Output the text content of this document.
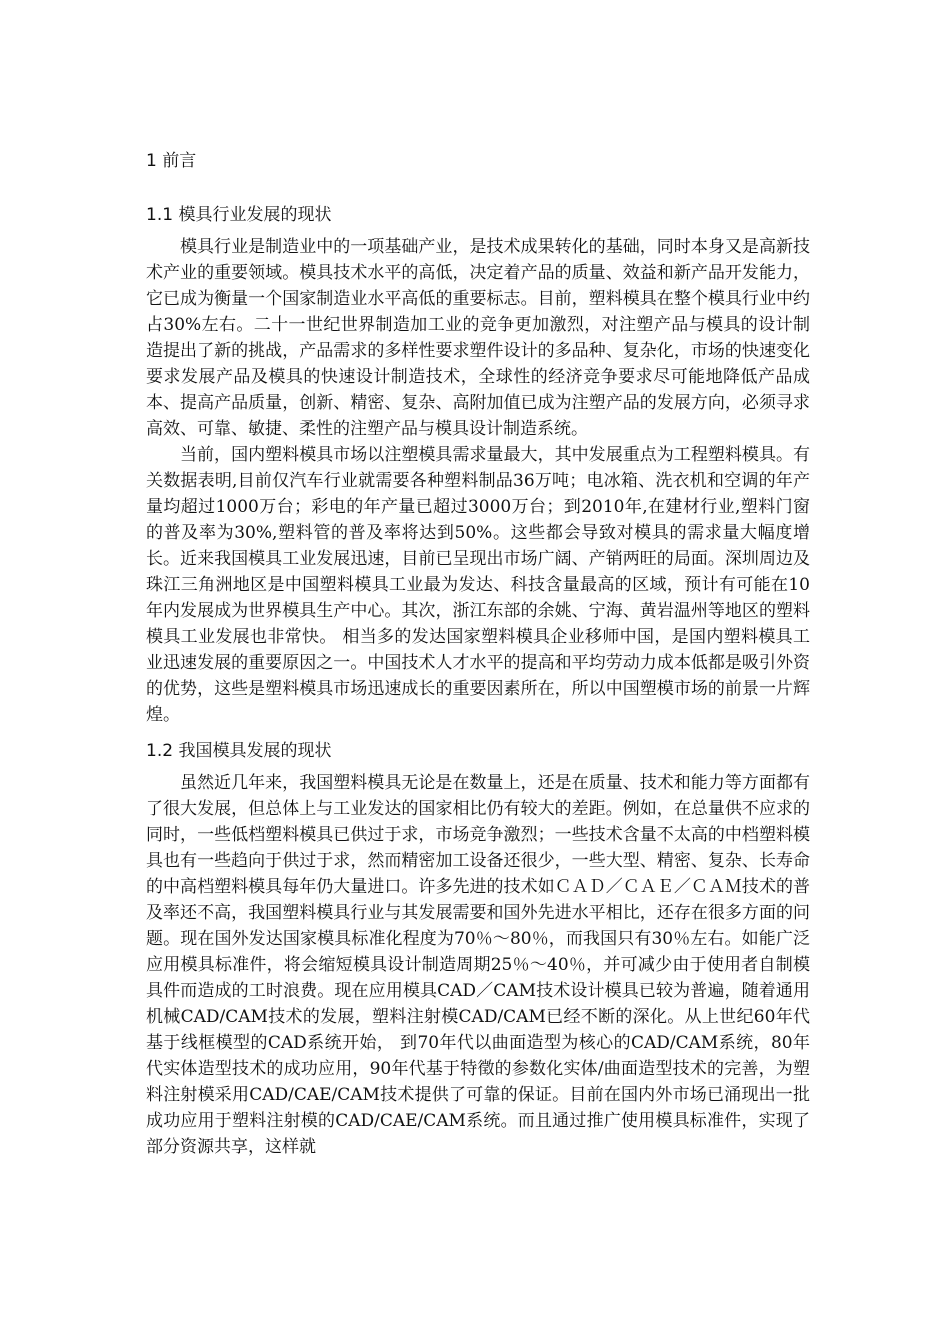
1 前言
1.1 模具行业发展的现状

模具行业是制造业中的一项基础产业，是技术成果转化的基础，同时本身又是高新技术产业的重要领域。模具技术水平的高低，决定着产品的质量、效益和新产品开发能力，它已成为衡量一个国家制造业水平高低的重要标志。目前，塑料模具在整个模具行业中约占30%左右。二十一世纪世界制造加工业的竞争更加激烈，对注塑产品与模具的设计制造提出了新的挑战，产品需求的多样性要求塑件设计的多品种、复杂化，市场的快速变化要求发展产品及模具的快速设计制造技术，全球性的经济竞争要求尽可能地降低产品成本、提高产品质量，创新、精密、复杂、高附加值已成为注塑产品的发展方向，必须寻求高效、可靠、敏捷、柔性的注塑产品与模具设计制造系统。

当前，国内塑料模具市场以注塑模具需求量最大，其中发展重点为工程塑料模具。有关数据表明,目前仅汽车行业就需要各种塑料制品36万吨；电冰箱、洗衣机和空调的年产量均超过1000万台；彩电的年产量已超过3000万台；到2010年,在建材行业,塑料门窗的普及率为30%,塑料管的普及率将达到50%。这些都会导致对模具的需求量大幅度增长。近来我国模具工业发展迅速，目前已呈现出市场广阔、产销两旺的局面。深圳周边及珠江三角洲地区是中国塑料模具工业最为发达、科技含量最高的区域，预计有可能在10年内发展成为世界模具生产中心。其次，浙江东部的余姚、宁海、黄岩温州等地区的塑料模具工业发展也非常快。 相当多的发达国家塑料模具企业移师中国，是国内塑料模具工业迅速发展的重要原因之一。中国技术人才水平的提高和平均劳动力成本低都是吸引外资的优势，这些是塑料模具市场迅速成长的重要因素所在，所以中国塑模市场的前景一片辉煌。

1.2 我国模具发展的现状

虽然近几年来，我国塑料模具无论是在数量上，还是在质量、技术和能力等方面都有了很大发展，但总体上与工业发达的国家相比仍有较大的差距。例如，在总量供不应求的同时，一些低档塑料模具已供过于求，市场竞争激烈；一些技术含量不太高的中档塑料模具也有一些趋向于供过于求，然而精密加工设备还很少，一些大型、精密、复杂、长寿命的中高档塑料模具每年仍大量进口。许多先进的技术如ＣＡＤ／ＣＡＥ／ＣＡＭ技术的普及率还不高，我国塑料模具行业与其发展需要和国外先进水平相比，还存在很多方面的问题。现在国外发达国家模具标准化程度为70％～80％，而我国只有30％左右。如能广泛应用模具标准件，将会缩短模具设计制造周期25％～40％，并可减少由于使用者自制模具件而造成的工时浪费。现在应用模具CAD／CAM技术设计模具已较为普遍，随着通用机械CAD/CAM技术的发展，塑料注射模CAD/CAM已经不断的深化。从上世纪60年代基于线框模型的CAD系统开始， 到70年代以曲面造型为核心的CAD/CAM系统，80年代实体造型技术的成功应用，90年代基于特徵的参数化实体/曲面造型技术的完善，为塑料注射模采用CAD/CAE/CAM技术提供了可靠的保证。目前在国内外市场已涌现出一批成功应用于塑料注射模的CAD/CAE/CAM系统。而且通过推广使用模具标准件，实现了部分资源共享，这样就
